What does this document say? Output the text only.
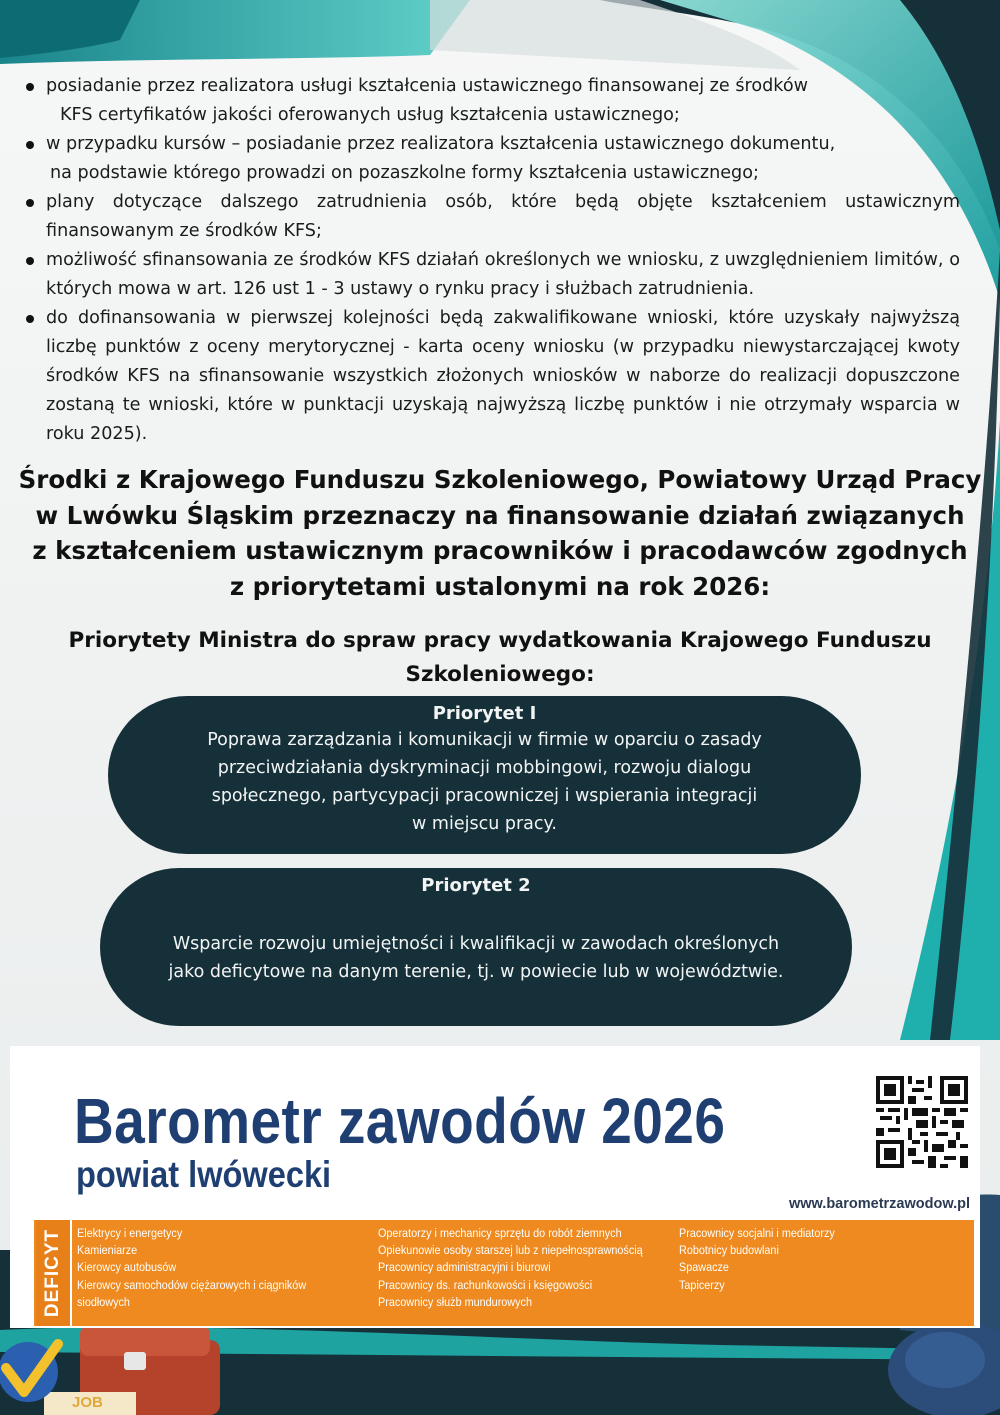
JOB
posiadanie przez realizatora usługi kształcenia ustawicznego finansowanej ze środków
KFS certyfikatów jakości oferowanych usług kształcenia ustawicznego;
w przypadku kursów – posiadanie przez realizatora kształcenia ustawicznego dokumentu,
na podstawie którego prowadzi on pozaszkolne formy kształcenia ustawicznego;
plany dotyczące dalszego zatrudnienia osób, które będą objęte kształceniem ustawicznym finansowanym ze środków KFS;
możliwość sfinansowania ze środków KFS działań określonych we wniosku, z uwzględnieniem limitów, o których mowa w art. 126 ust 1 - 3 ustawy o rynku pracy i służbach zatrudnienia.
do dofinansowania w pierwszej kolejności będą zakwalifikowane wnioski, które uzyskały najwyższą liczbę punktów z oceny merytorycznej - karta oceny wniosku (w przypadku niewystarczającej kwoty środków KFS na sfinansowanie wszystkich złożonych wniosków w naborze do realizacji dopuszczone zostaną te wnioski, które w punktacji uzyskają najwyższą liczbę punktów i nie otrzymały wsparcia w roku 2025).
Środki z Krajowego Funduszu Szkoleniowego, Powiatowy Urząd Pracy
w Lwówku Śląskim przeznaczy na finansowanie działań związanych
z kształceniem ustawicznym pracowników i pracodawców zgodnych
z priorytetami ustalonymi na rok 2026:
Priorytety Ministra do spraw pracy wydatkowania Krajowego Funduszu
Szkoleniowego:
Priorytet I
Poprawa zarządzania i komunikacji w firmie w oparciu o zasady
przeciwdziałania dyskryminacji mobbingowi, rozwoju dialogu
społecznego, partycypacji pracowniczej i wspierania integracji
w miejscu pracy.
Priorytet 2
Wsparcie rozwoju umiejętności i kwalifikacji w zawodach określonych
jako deficytowe na danym terenie, tj. w powiecie lub w województwie.
Barometr zawodów 2026
powiat lwówecki
www.barometrzawodow.pl
DEFICYT Elektrycy i energetycy
Kamieniarze
Kierowcy autobusów
Kierowcy samochodów ciężarowych i ciągników
siodłowych
Operatorzy i mechanicy sprzętu do robót ziemnych
Opiekunowie osoby starszej lub z niepełnosprawnością
Pracownicy administracyjni i biurowi
Pracownicy ds. rachunkowości i księgowości
Pracownicy służb mundurowych
Pracownicy socjalni i mediatorzy
Robotnicy budowlani
Spawacze
Tapicerzy
